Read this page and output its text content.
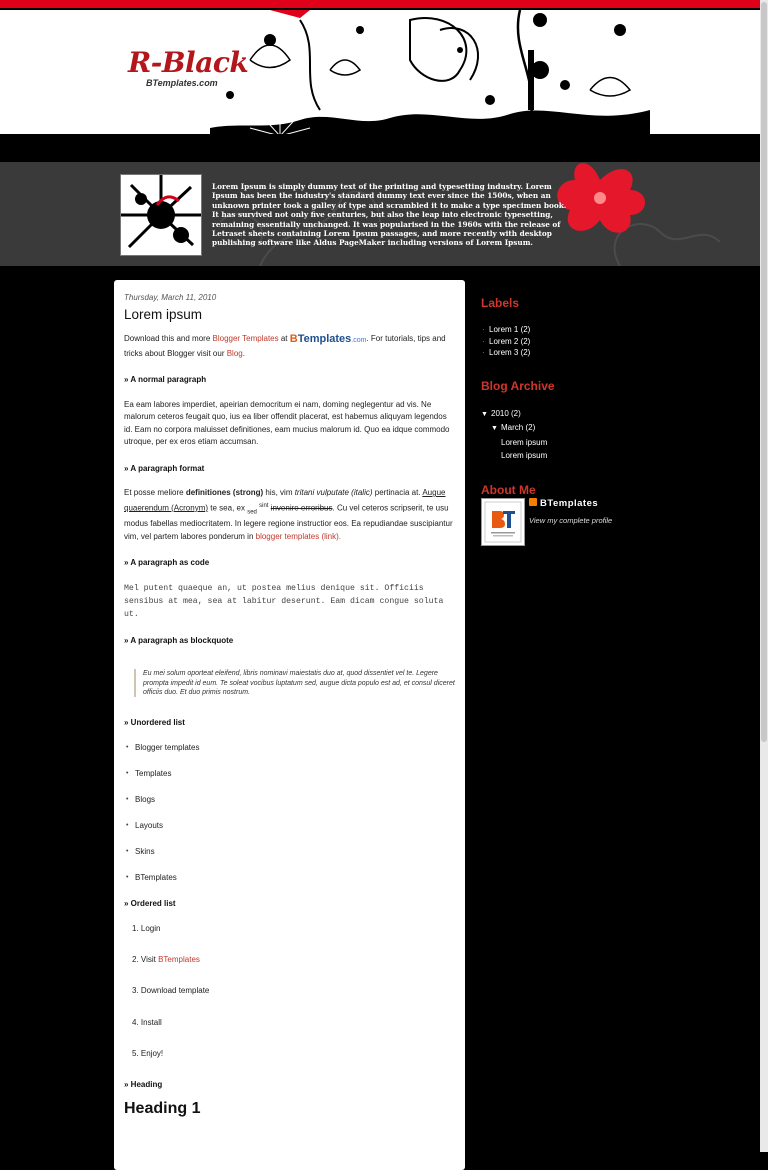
R-Black
BTemplates.com
Lorem Ipsum is simply dummy text of the printing and typesetting industry. Lorem Ipsum has been the industry's standard dummy text ever since the 1500s, when an unknown printer took a galley of type and scrambled it to make a type specimen book. It has survived not only five centuries, but also the leap into electronic typesetting, remaining essentially unchanged. It was popularised in the 1960s with the release of Letraset sheets containing Lorem Ipsum passages, and more recently with desktop publishing software like Aldus PageMaker including versions of Lorem Ipsum.
Thursday, March 11, 2010
Lorem ipsum

Download this and more Blogger Templates at BTemplates.com. For tutorials, tips and tricks about Blogger visit our Blog.

» A normal paragraph

Ea eam labores imperdiet, apeirian democritum ei nam, doming neglegentur ad vis. Ne malorum ceteros feugait quo, ius ea liber offendit placerat, est habemus aliquyam legendos id. Eam no corpora maluisset definitiones, eam mucius malorum id. Quo ea idque commodo utroque, per ex eros etiam accumsan.

» A paragraph format

Et posse meliore definitiones (strong) his, vim tritani vulputate (italic) pertinacia at. Augue quaerendum (Acronym) te sea, ex $_{sed}$ $^{sint}$ invenire erroribus. Cu vel ceteros scripserit, te usu modus fabellas mediocritatem. In legere regione instructior eos. Ea repudiandae suscipiantur vim, vel partem labores ponderum in blogger templates (link).

» A paragraph as code

Mel putent quaeque an, ut postea melius denique sit. Officiis sensibus at mea, sea at labitur deserunt. Eam dicam congue soluta ut.

» A paragraph as blockquote
Eu mei solum oporteat eleifend, libris nominavi maiestatis duo at, quod dissentiet vel te. Legere prompta impedit id eum. Te soleat vocibus luptatum sed, augue dicta populo est ad, et consul diceret officiis duo. Et duo primis nostrum.
» Unordered list
• Blogger templates
• Templates
• Blogs
• Layouts
• Skins
• BTemplates
» Ordered list
1. Login
2. Visit BTemplates
3. Download template
4. Install
5. Enjoy!
» Heading
Heading 1
Labels
· Lorem 1 (2)
· Lorem 2 (2)
· Lorem 3 (2)
Blog Archive
▼ 2010 (2)
▼ March (2)
Lorem ipsum
Lorem ipsum
About Me
BTemplates
View my complete profile
